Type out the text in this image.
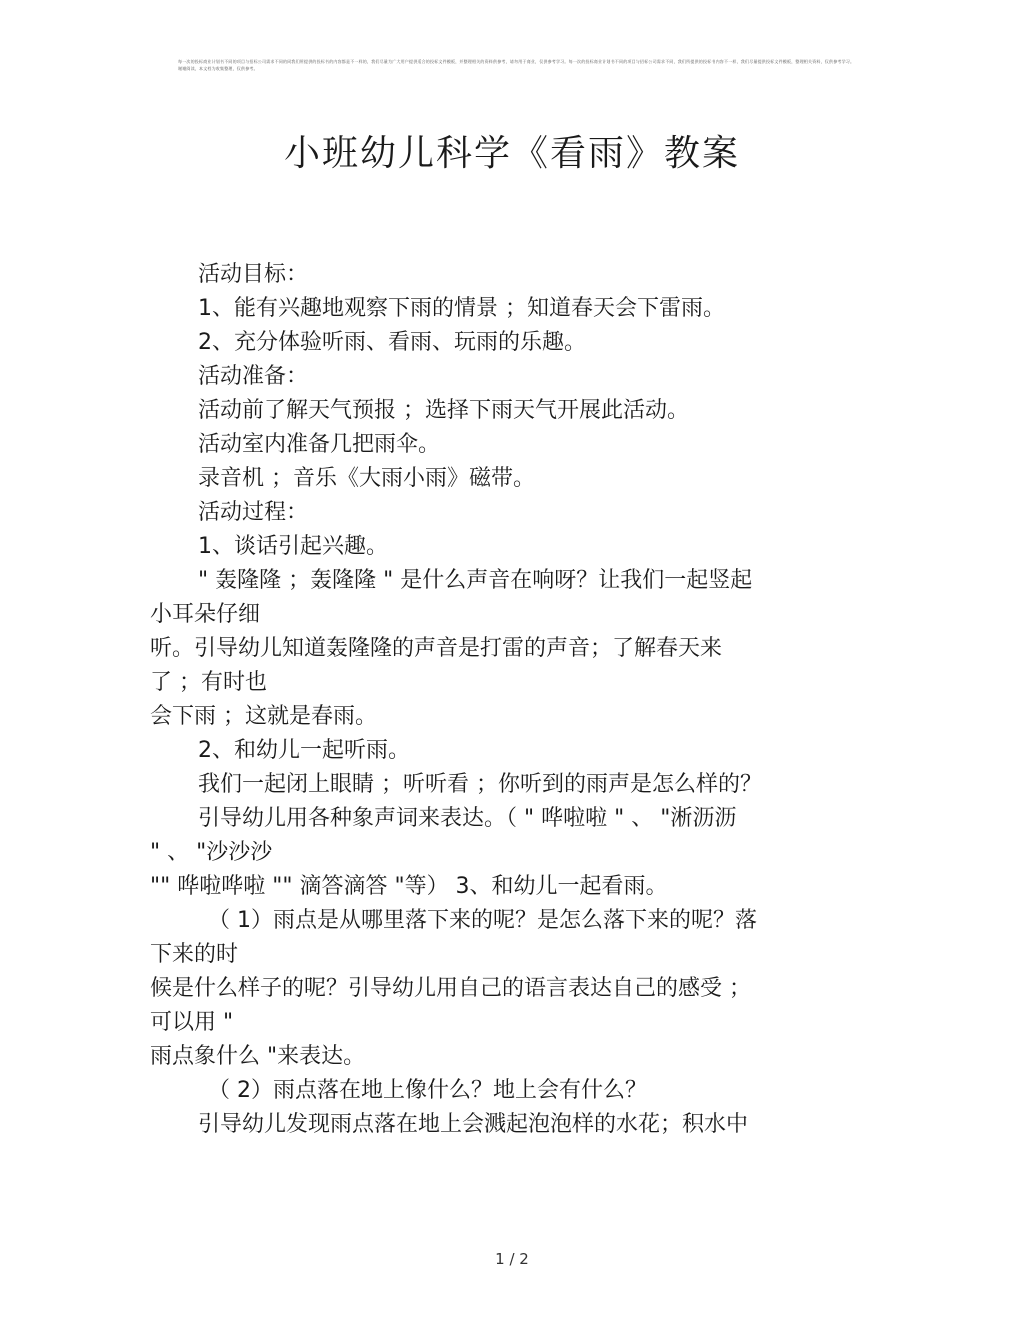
每一次的投标商业计划书不同的项目与招标公司需求不同的同我们所提供的投标书的内容都是不一样的，我们尽量为广大用户提供适合的投标文件模板，并整理相关的资料供参考，请勿用于商业，仅供参考学习。每一次的投标商业计划书不同的项目与招标公司需求不同，我们所提供的投标书内容不一样，我们尽量提供投标文件模板，整理相关资料，仅供参考学习。
谢谢阅读，本文档为收集整理，仅供参考。
小班幼儿科学《看雨》教案

活动目标：

1、能有兴趣地观察下雨的情景 ；知道春天会下雷雨。

2、充分体验听雨、看雨、玩雨的乐趣。

活动准备：

活动前了解天气预报 ；选择下雨天气开展此活动。

活动室内准备几把雨伞。

录音机 ；音乐《大雨小雨》磁带。

活动过程：

1、谈话引起兴趣。

" 轰隆隆 ；轰隆隆 " 是什么声音在响呀？让我们一起竖起

小耳朵仔细

听。引导幼儿知道轰隆隆的声音是打雷的声音；了解春天来

了 ；有时也

会下雨 ；这就是春雨。

2、和幼儿一起听雨。

我们一起闭上眼睛 ；听听看 ；你听到的雨声是怎么样的？

引导幼儿用各种象声词来表达。（ " 哗啦啦 " 、 "淅沥沥

" 、 "沙沙沙

"" 哗啦哗啦 "" 滴答滴答 "等） 3、和幼儿一起看雨。

（ 1）雨点是从哪里落下来的呢？是怎么落下来的呢？落

下来的时

候是什么样子的呢？引导幼儿用自己的语言表达自己的感受 ；

可以用 "

雨点象什么 "来表达。

（ 2）雨点落在地上像什么？地上会有什么？

引导幼儿发现雨点落在地上会溅起泡泡样的水花；积水中

1 / 2
